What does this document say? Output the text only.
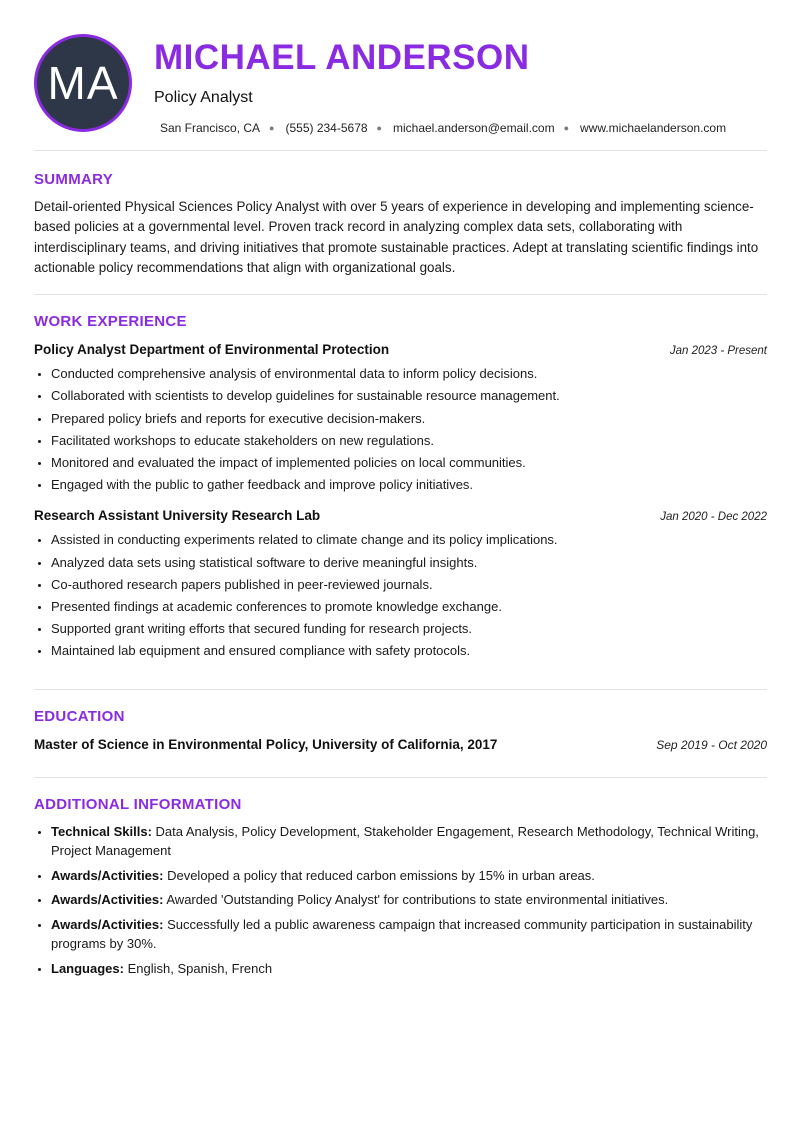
MA MICHAEL ANDERSON
Policy Analyst
San Francisco, CA ● (555) 234-5678 ● michael.anderson@email.com ● www.michaelanderson.com
SUMMARY

Detail-oriented Physical Sciences Policy Analyst with over 5 years of experience in developing and implementing science-based policies at a governmental level. Proven track record in analyzing complex data sets, collaborating with interdisciplinary teams, and driving initiatives that promote sustainable practices. Adept at translating scientific findings into actionable policy recommendations that align with organizational goals.

WORK EXPERIENCE
Policy Analyst Department of Environmental Protection	Jan 2023 - Present
• Conducted comprehensive analysis of environmental data to inform policy decisions.
• Collaborated with scientists to develop guidelines for sustainable resource management.
• Prepared policy briefs and reports for executive decision-makers.
• Facilitated workshops to educate stakeholders on new regulations.
• Monitored and evaluated the impact of implemented policies on local communities.
• Engaged with the public to gather feedback and improve policy initiatives.
Research Assistant University Research Lab	Jan 2020 - Dec 2022
• Assisted in conducting experiments related to climate change and its policy implications.
• Analyzed data sets using statistical software to derive meaningful insights.
• Co-authored research papers published in peer-reviewed journals.
• Presented findings at academic conferences to promote knowledge exchange.
• Supported grant writing efforts that secured funding for research projects.
• Maintained lab equipment and ensured compliance with safety protocols.
EDUCATION
Master of Science in Environmental Policy, University of California, 2017	Sep 2019 - Oct 2020
ADDITIONAL INFORMATION
• Technical Skills: Data Analysis, Policy Development, Stakeholder Engagement, Research Methodology, Technical Writing, Project Management
• Awards/Activities: Developed a policy that reduced carbon emissions by 15% in urban areas.
• Awards/Activities: Awarded 'Outstanding Policy Analyst' for contributions to state environmental initiatives.
• Awards/Activities: Successfully led a public awareness campaign that increased community participation in sustainability programs by 30%.
• Languages: English, Spanish, French
